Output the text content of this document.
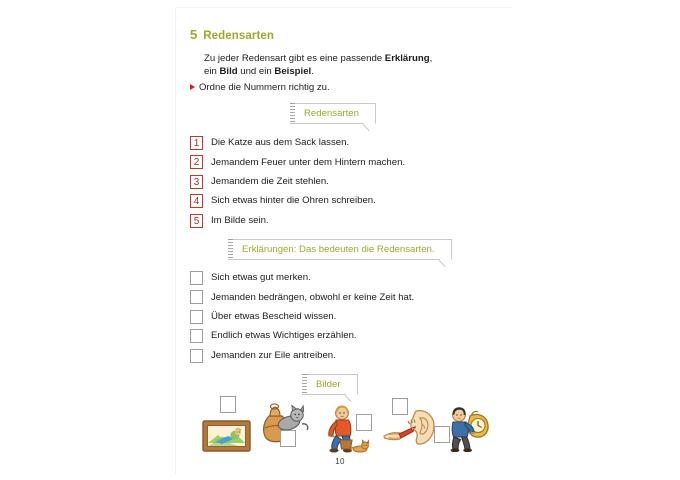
5 Redensarten

Zu jeder Redensart gibt es eine passende Erklärung,
ein Bild und ein Beispiel.

Ordne die Nummern richtig zu.
Redensarten
1	Die Katze aus dem Sack lassen.
2	Jemandem Feuer unter dem Hintern machen.
3	Jemandem die Zeit stehlen.
4	Sich etwas hinter die Ohren schreiben.
5	Im Bilde sein.
Erklärungen: Das bedeuten die Redensarten.
Sich etwas gut merken.
Jemanden bedrängen, obwohl er keine Zeit hat.
Über etwas Bescheid wissen.
Endlich etwas Wichtiges erzählen.
Jemanden zur Eile antreiben.
Bilder
10
